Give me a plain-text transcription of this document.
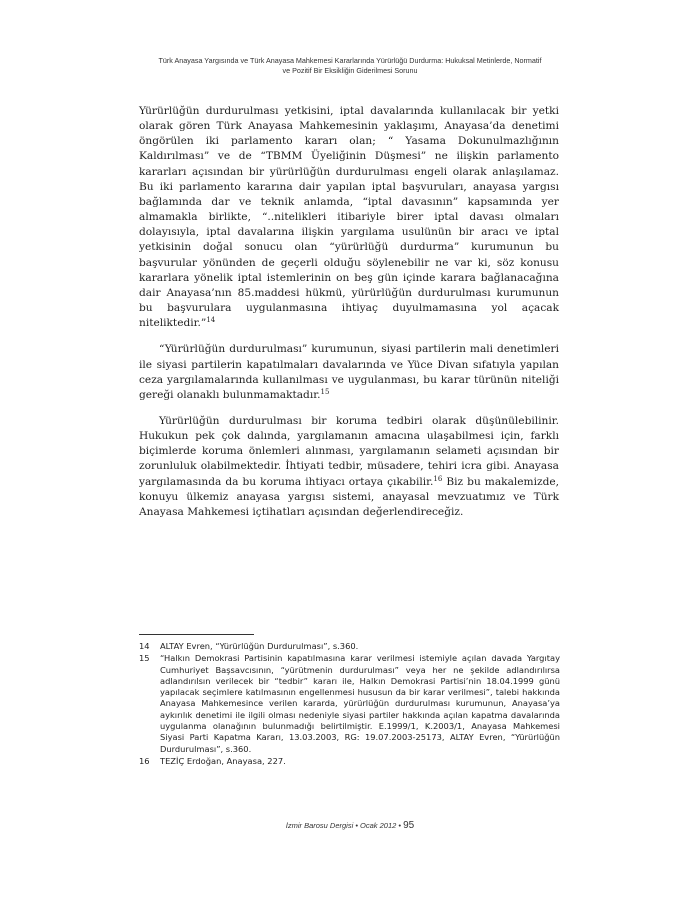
Türk Anayasa Yargısında ve Türk Anayasa Mahkemesi Kararlarında Yürürlüğü Durdurma: Hukuksal Metinlerde, Normatif
ve Pozitif Bir Eksikliğin Giderilmesi Sorunu

Yürürlüğün durdurulması yetkisini, iptal davalarında kullanılacak bir yetki olarak gören Türk Anayasa Mahkemesinin yaklaşımı, Anayasa’da denetimi öngörülen iki parlamento kararı olan; “ Yasama Dokunulmazlığının Kaldırılması” ve de “TBMM Üyeliğinin Düşmesi” ne ilişkin parlamento kararları açısından bir yürürlüğün durdurulması engeli olarak anlaşılamaz. Bu iki parlamento kararına dair yapılan iptal başvuruları, anayasa yargısı bağlamında dar ve teknik anlamda, “iptal davasının” kapsamında yer almamakla birlikte, “..nitelikleri itibariyle birer iptal davası olmaları dolayısıyla, iptal davalarına ilişkin yargılama usulünün bir aracı ve iptal yetkisinin doğal sonucu olan “yürürlüğü durdurma” kurumunun bu başvurular yönünden de geçerli olduğu söylenebilir ne var ki, söz konusu kararlara yönelik iptal istemlerinin on beş gün içinde karara bağlanacağına dair Anayasa’nın 85.maddesi hükmü, yürürlüğün durdurulması kurumunun bu başvurulara uygulanmasına ihtiyaç duyulmamasına yol açacak niteliktedir.”$^{14}$

“Yürürlüğün durdurulması” kurumunun, siyasi partilerin mali denetimleri ile siyasi partilerin kapatılmaları davalarında ve Yüce Divan sıfatıyla yapılan ceza yargılamalarında kullanılması ve uygulanması, bu karar türünün niteliği gereği olanaklı bulunmamaktadır.$^{15}$

Yürürlüğün durdurulması bir koruma tedbiri olarak düşünülebilinir. Hukukun pek çok dalında, yargılamanın amacına ulaşabilmesi için, farklı biçimlerde koruma önlemleri alınması, yargılamanın selameti açısından bir zorunluluk olabilmektedir. İhtiyati tedbir, müsadere, tehiri icra gibi. Anayasa yargılamasında da bu koruma ihtiyacı ortaya çıkabilir.$^{16}$ Biz bu makalemizde, konuyu ülkemiz anayasa yargısı sistemi, anayasal mevzuatımız ve Türk Anayasa Mahkemesi içtihatları açısından değerlendireceğiz.

14	ALTAY Evren, “Yürürlüğün Durdurulması”, s.360.
15	“Halkın Demokrasi Partisinin kapatılmasına karar verilmesi istemiyle açılan davada Yargıtay Cumhuriyet Başsavcısının, “yürütmenin durdurulması” veya her ne şekilde adlandırılırsa adlandırılsın verilecek bir “tedbir” kararı ile, Halkın Demokrasi Partisi’nin 18.04.1999 günü yapılacak seçimlere katılmasının engellenmesi hususun da bir karar verilmesi”, talebi hakkında Anayasa Mahkemesince verilen kararda, yürürlüğün durdurulması kurumunun, Anayasa’ya aykırılık denetimi ile ilgili olması nedeniyle siyasi partiler hakkında açılan kapatma davalarında uygulanma olanağının bulunmadığı belirtilmiştir. E.1999/1, K.2003/1, Anayasa Mahkemesi Siyasi Parti Kapatma Kararı, 13.03.2003, RG: 19.07.2003-25173, ALTAY Evren, “Yürürlüğün Durdurulması”, s.360.
16	TEZİÇ Erdoğan, Anayasa, 227.
İzmir Barosu Dergisi • Ocak 2012 • 95
